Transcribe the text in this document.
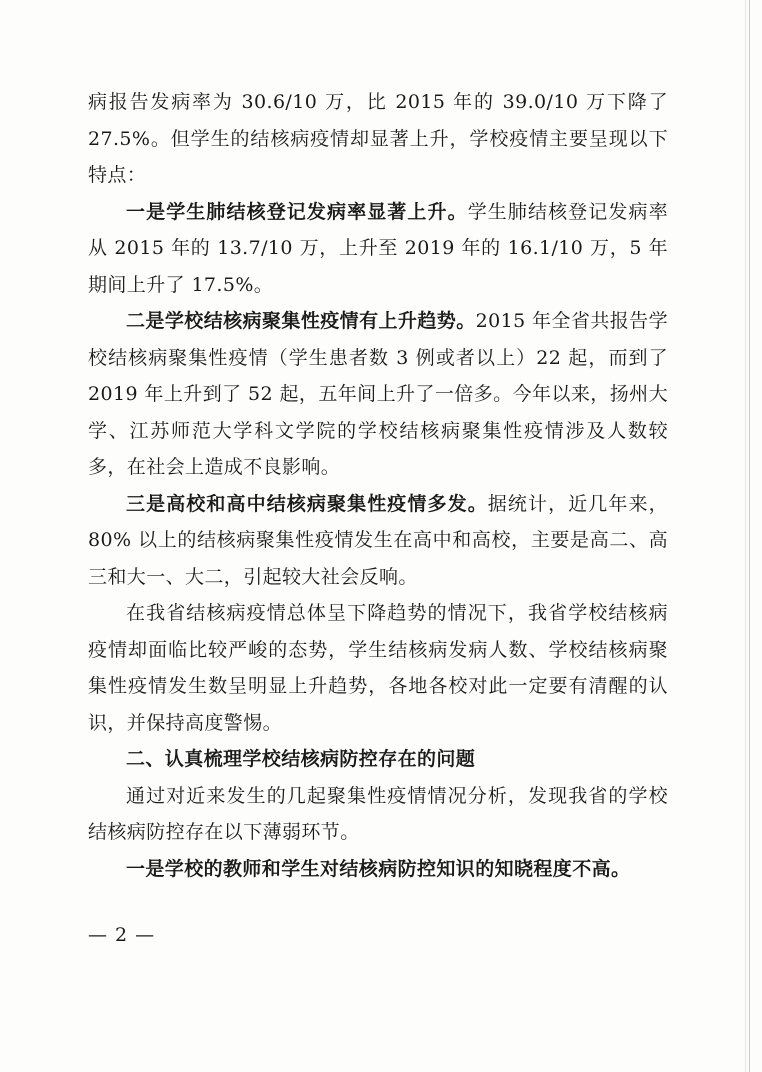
病报告发病率为 30.6/10 万，比 2015 年的 39.0/10 万下降了 27.5%。但学生的结核病疫情却显著上升，学校疫情主要呈现以下特点：

一是学生肺结核登记发病率显著上升。学生肺结核登记发病率从 2015 年的 13.7/10 万，上升至 2019 年的 16.1/10 万，5 年期间上升了 17.5%。

二是学校结核病聚集性疫情有上升趋势。2015 年全省共报告学校结核病聚集性疫情（学生患者数 3 例或者以上）22 起，而到了 2019 年上升到了 52 起，五年间上升了一倍多。今年以来，扬州大学、江苏师范大学科文学院的学校结核病聚集性疫情涉及人数较多，在社会上造成不良影响。

三是高校和高中结核病聚集性疫情多发。据统计，近几年来，80% 以上的结核病聚集性疫情发生在高中和高校，主要是高二、高三和大一、大二，引起较大社会反响。

在我省结核病疫情总体呈下降趋势的情况下，我省学校结核病疫情却面临比较严峻的态势，学生结核病发病人数、学校结核病聚集性疫情发生数呈明显上升趋势，各地各校对此一定要有清醒的认识，并保持高度警惕。

二、认真梳理学校结核病防控存在的问题

通过对近来发生的几起聚集性疫情情况分析，发现我省的学校结核病防控存在以下薄弱环节。

一是学校的教师和学生对结核病防控知识的知晓程度不高。

— 2 —
